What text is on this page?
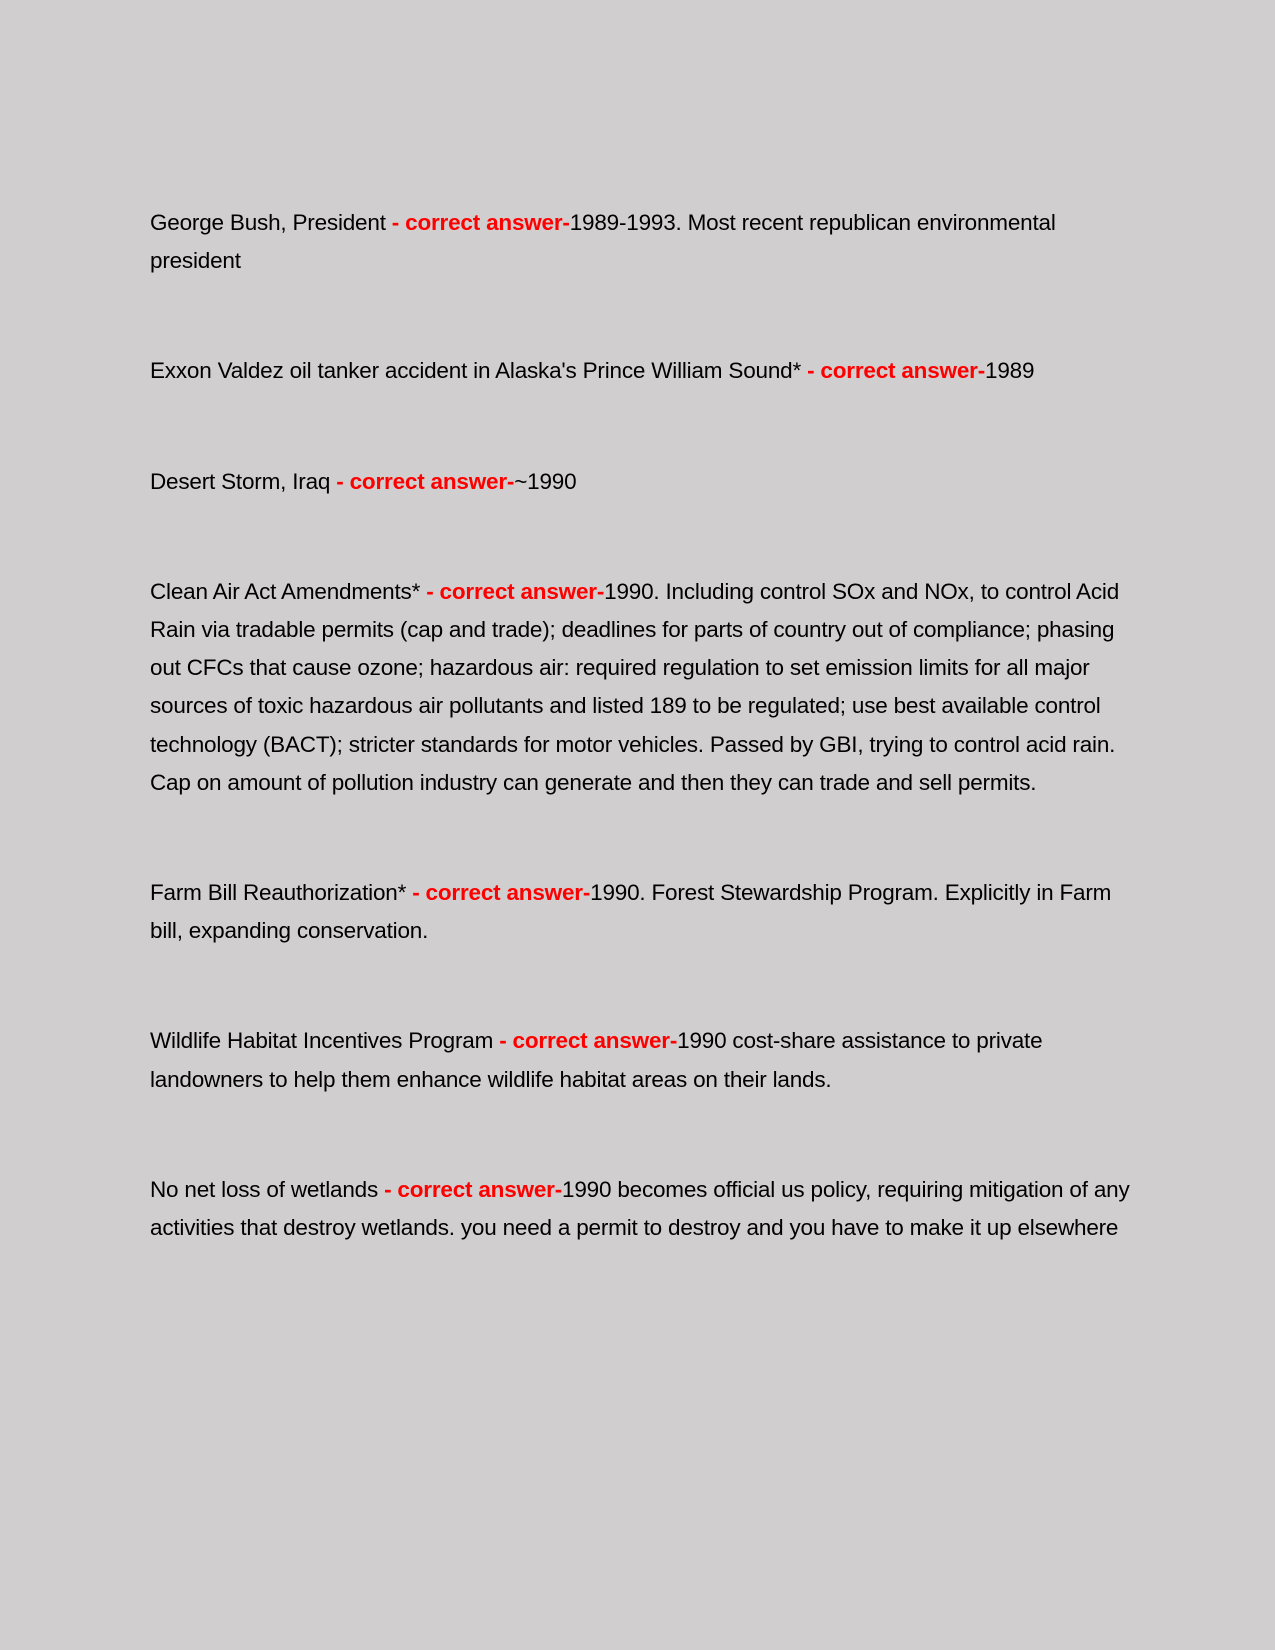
George Bush, President - correct answer-1989-1993. Most recent republican environmental president

Exxon Valdez oil tanker accident in Alaska's Prince William Sound* - correct answer-1989

Desert Storm, Iraq - correct answer-~1990

Clean Air Act Amendments* - correct answer-1990. Including control SOx and NOx, to control Acid Rain via tradable permits (cap and trade); deadlines for parts of country out of compliance; phasing out CFCs that cause ozone; hazardous air: required regulation to set emission limits for all major sources of toxic hazardous air pollutants and listed 189 to be regulated; use best available control technology (BACT); stricter standards for motor vehicles. Passed by GBI, trying to control acid rain. Cap on amount of pollution industry can generate and then they can trade and sell permits.

Farm Bill Reauthorization* - correct answer-1990. Forest Stewardship Program. Explicitly in Farm bill, expanding conservation.

Wildlife Habitat Incentives Program - correct answer-1990 cost-share assistance to private landowners to help them enhance wildlife habitat areas on their lands.

No net loss of wetlands - correct answer-1990 becomes official us policy, requiring mitigation of any activities that destroy wetlands. you need a permit to destroy and you have to make it up elsewhere
